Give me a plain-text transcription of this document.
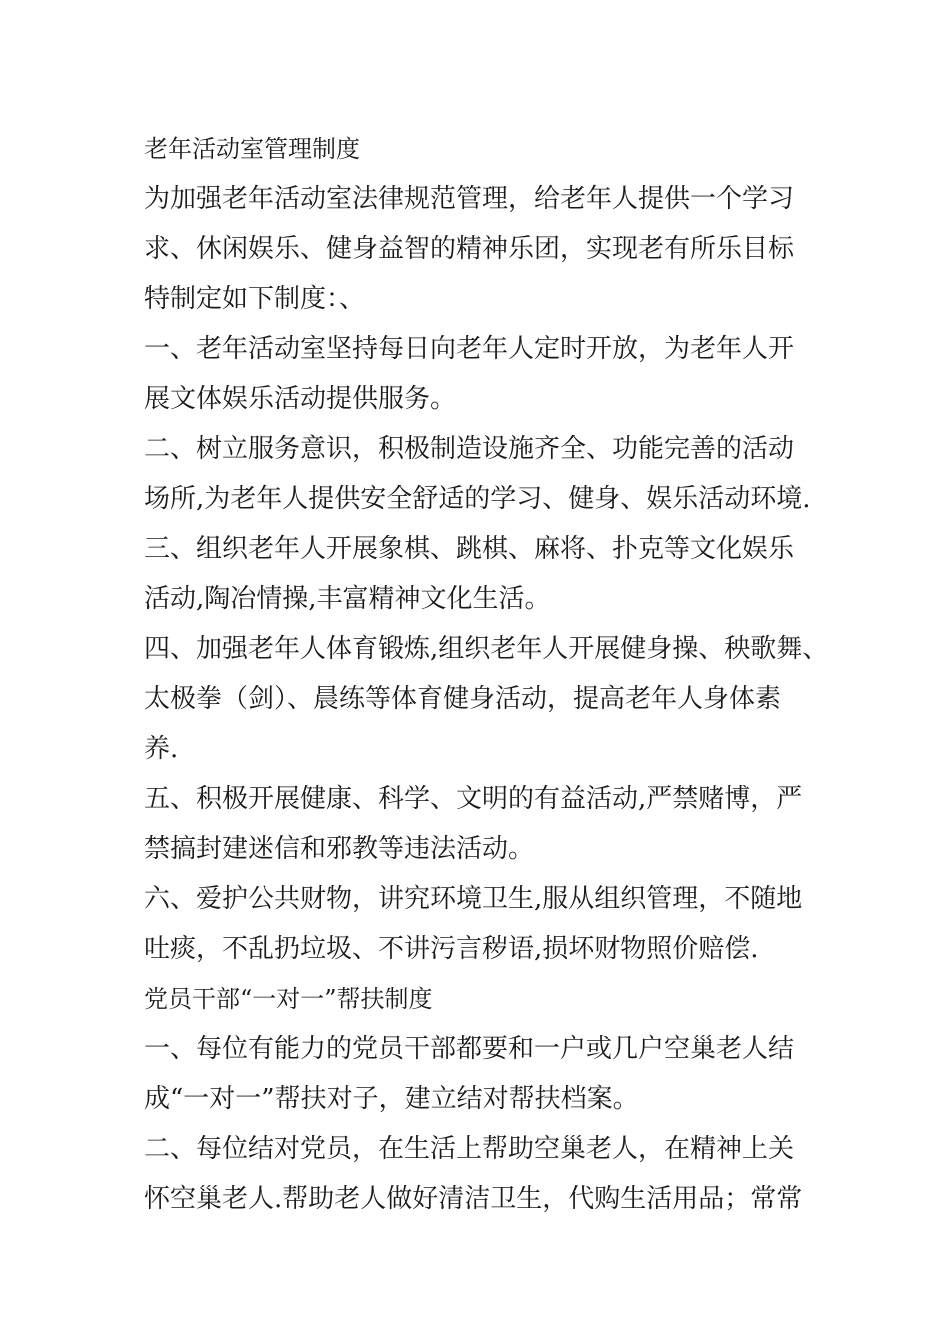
老年活动室管理制度
为加强老年活动室法律规范管理，给老年人提供一个学习
求、休闲娱乐、健身益智的精神乐团，实现老有所乐目标
特制定如下制度：、
一、老年活动室坚持每日向老年人定时开放，为老年人开
展文体娱乐活动提供服务。
二、树立服务意识，积极制造设施齐全、功能完善的活动
场所,为老年人提供安全舒适的学习、健身、娱乐活动环境.
三、组织老年人开展象棋、跳棋、麻将、扑克等文化娱乐
活动,陶冶情操,丰富精神文化生活。
四、加强老年人体育锻炼,组织老年人开展健身操、秧歌舞、
太极拳（剑）、晨练等体育健身活动，提高老年人身体素
养.
五、积极开展健康、科学、文明的有益活动,严禁赌博，严
禁搞封建迷信和邪教等违法活动。
六、爱护公共财物，讲究环境卫生,服从组织管理，不随地
吐痰，不乱扔垃圾、不讲污言秽语,损坏财物照价赔偿.
党员干部“一对一”帮扶制度
一、每位有能力的党员干部都要和一户或几户空巢老人结
成“一对一”帮扶对子，建立结对帮扶档案。
二、每位结对党员，在生活上帮助空巢老人，在精神上关
怀空巢老人.帮助老人做好清洁卫生，代购生活用品；常常
